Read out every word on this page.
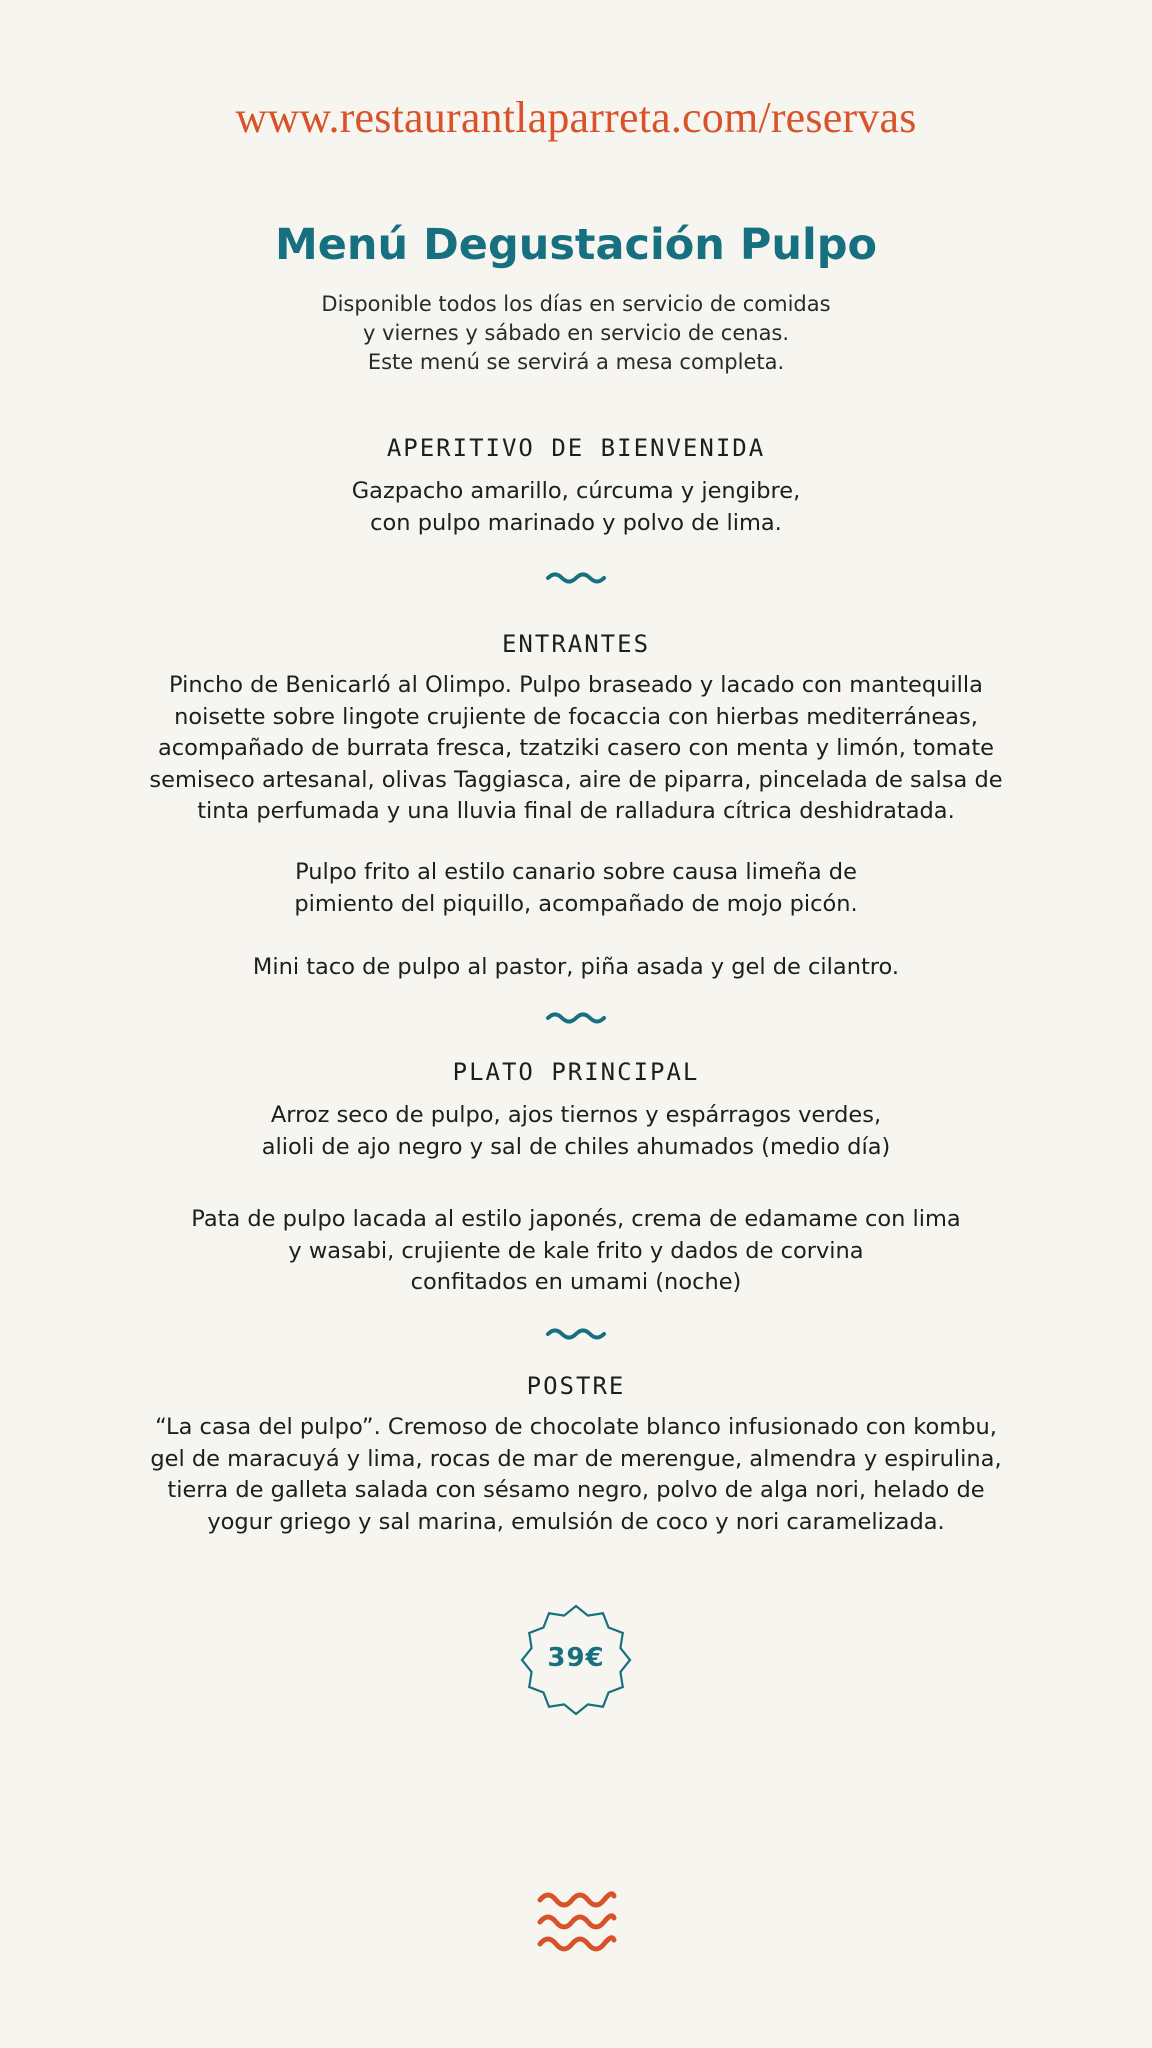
www.restaurantlaparreta.com/reservas
Menú Degustación Pulpo
Disponible todos los días en servicio de comidas
y viernes y sábado en servicio de cenas.
Este menú se servirá a mesa completa.
APERITIVO DE BIENVENIDA
Gazpacho amarillo, cúrcuma y jengibre,
con pulpo marinado y polvo de lima.
ENTRANTES
Pincho de Benicarló al Olimpo. Pulpo braseado y lacado con mantequilla
noisette sobre lingote crujiente de focaccia con hierbas mediterráneas,
acompañado de burrata fresca, tzatziki casero con menta y limón, tomate
semiseco artesanal, olivas Taggiasca, aire de piparra, pincelada de salsa de
tinta perfumada y una lluvia final de ralladura cítrica deshidratada.
Pulpo frito al estilo canario sobre causa limeña de
pimiento del piquillo, acompañado de mojo picón.
Mini taco de pulpo al pastor, piña asada y gel de cilantro.
PLATO PRINCIPAL
Arroz seco de pulpo, ajos tiernos y espárragos verdes,
alioli de ajo negro y sal de chiles ahumados (medio día)
Pata de pulpo lacada al estilo japonés, crema de edamame con lima
y wasabi, crujiente de kale frito y dados de corvina
confitados en umami (noche)
POSTRE
“La casa del pulpo”. Cremoso de chocolate blanco infusionado con kombu,
gel de maracuyá y lima, rocas de mar de merengue, almendra y espirulina,
tierra de galleta salada con sésamo negro, polvo de alga nori, helado de
yogur griego y sal marina, emulsión de coco y nori caramelizada.
39€
